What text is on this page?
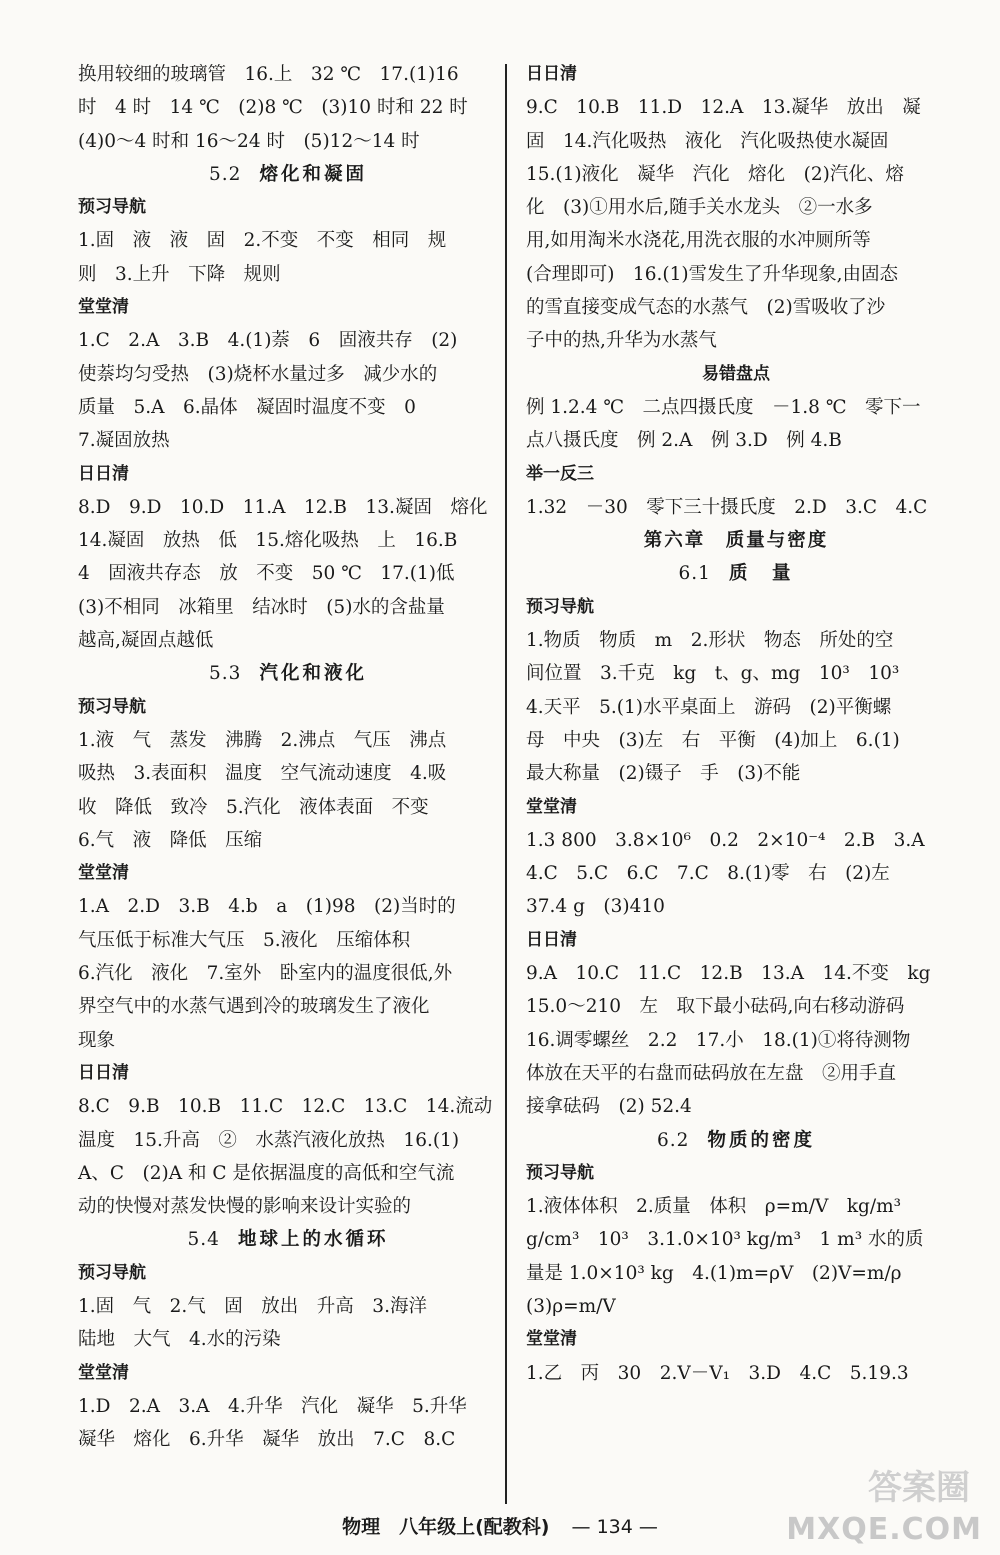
换用较细的玻璃管　16.上　32 ℃　17.(1)16
时　4 时　14 ℃　(2)8 ℃　(3)10 时和 22 时
(4)0～4 时和 16～24 时　(5)12～14 时
5.2 熔化和凝固
预习导航
1.固　液　液　固　2.不变　不变　相同　规
则　3.上升　下降　规则
堂堂清
1.C　2.A　3.B　4.(1)萘　6　固液共存　(2)
使萘均匀受热　(3)烧杯水量过多　减少水的
质量　5.A　6.晶体　凝固时温度不变　0
7.凝固放热
日日清
8.D　9.D　10.D　11.A　12.B　13.凝固　熔化
14.凝固　放热　低　15.熔化吸热　上　16.B
4　固液共存态　放　不变　50 ℃　17.(1)低
(3)不相同　冰箱里　结冰时　(5)水的含盐量
越高,凝固点越低
5.3 汽化和液化
预习导航
1.液　气　蒸发　沸腾　2.沸点　气压　沸点
吸热　3.表面积　温度　空气流动速度　4.吸
收　降低　致冷　5.汽化　液体表面　不变
6.气　液　降低　压缩
堂堂清
1.A　2.D　3.B　4.b　a　(1)98　(2)当时的
气压低于标准大气压　5.液化　压缩体积
6.汽化　液化　7.室外　卧室内的温度很低,外
界空气中的水蒸气遇到冷的玻璃发生了液化
现象
日日清
8.C　9.B　10.B　11.C　12.C　13.C　14.流动
温度　15.升高　②　水蒸汽液化放热　16.(1)
A、C　(2)A 和 C 是依据温度的高低和空气流
动的快慢对蒸发快慢的影响来设计实验的
5.4 地球上的水循环
预习导航
1.固　气　2.气　固　放出　升高　3.海洋
陆地　大气　4.水的污染
堂堂清
1.D　2.A　3.A　4.升华　汽化　凝华　5.升华
凝华　熔化　6.升华　凝华　放出　7.C　8.C
日日清
9.C　10.B　11.D　12.A　13.凝华　放出　凝
固　14.汽化吸热　液化　汽化吸热使水凝固
15.(1)液化　凝华　汽化　熔化　(2)汽化、熔
化　(3)①用水后,随手关水龙头　②一水多
用,如用淘米水浇花,用洗衣服的水冲厕所等
(合理即可)　16.(1)雪发生了升华现象,由固态
的雪直接变成气态的水蒸气　(2)雪吸收了沙
子中的热,升华为水蒸气
易错盘点
例 1.2.4 ℃　二点四摄氏度　－1.8 ℃　零下一
点八摄氏度　例 2.A　例 3.D　例 4.B
举一反三
1.32　－30　零下三十摄氏度　2.D　3.C　4.C
第六章　质量与密度
6.1 质　量
预习导航
1.物质　物质　m　2.形状　物态　所处的空
间位置　3.千克　kg　t、g、mg　10³　10³
4.天平　5.(1)水平桌面上　游码　(2)平衡螺
母　中央　(3)左　右　平衡　(4)加上　6.(1)
最大称量　(2)镊子　手　(3)不能
堂堂清
1.3 800　3.8×10⁶　0.2　2×10⁻⁴　2.B　3.A
4.C　5.C　6.C　7.C　8.(1)零　右　(2)左
37.4 g　(3)410
日日清
9.A　10.C　11.C　12.B　13.A　14.不变　kg
15.0～210　左　取下最小砝码,向右移动游码
16.调零螺丝　2.2　17.小　18.(1)①将待测物
体放在天平的右盘而砝码放在左盘　②用手直
接拿砝码　(2) 52.4
6.2 物质的密度
预习导航
1.液体体积　2.质量　体积　ρ=m/V　kg/m³
g/cm³　10³　3.1.0×10³ kg/m³　1 m³ 水的质
量是 1.0×10³ kg　4.(1)m=ρV　(2)V=m/ρ
(3)ρ=m/V
堂堂清
1.乙　丙　30　2.V－V₁　3.D　4.C　5.19.3
物理　八年级上(配教科) — 134 —
答案圈
MXQE.COM
